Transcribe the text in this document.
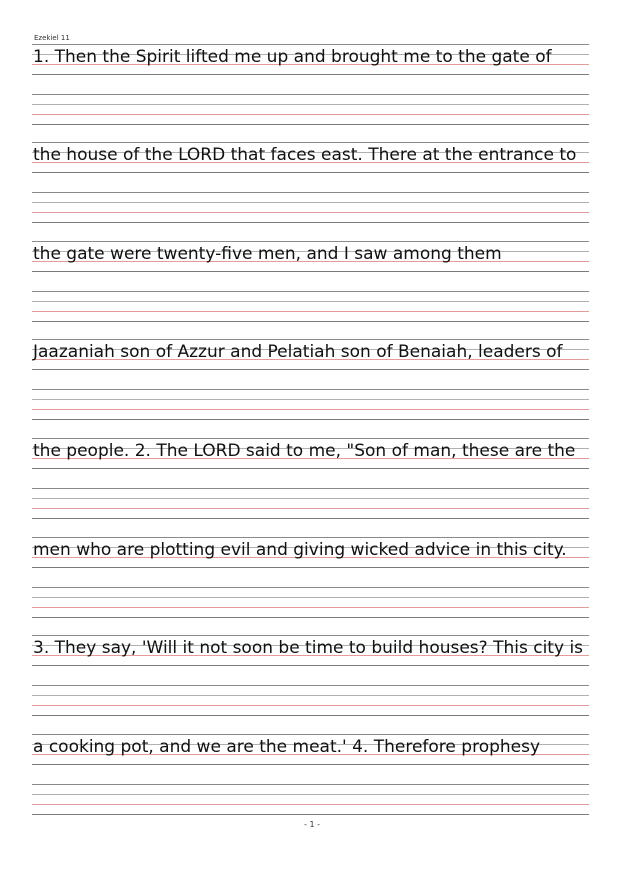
Ezekiel 11
1. Then the Spirit lifted me up and brought me to the gate of
the house of the LORD that faces east. There at the entrance to
the gate were twenty-five men, and I saw among them
Jaazaniah son of Azzur and Pelatiah son of Benaiah, leaders of
the people. 2. The LORD said to me, "Son of man, these are the
men who are plotting evil and giving wicked advice in this city.
3. They say, 'Will it not soon be time to build houses? This city is
a cooking pot, and we are the meat.' 4. Therefore prophesy
- 1 -
